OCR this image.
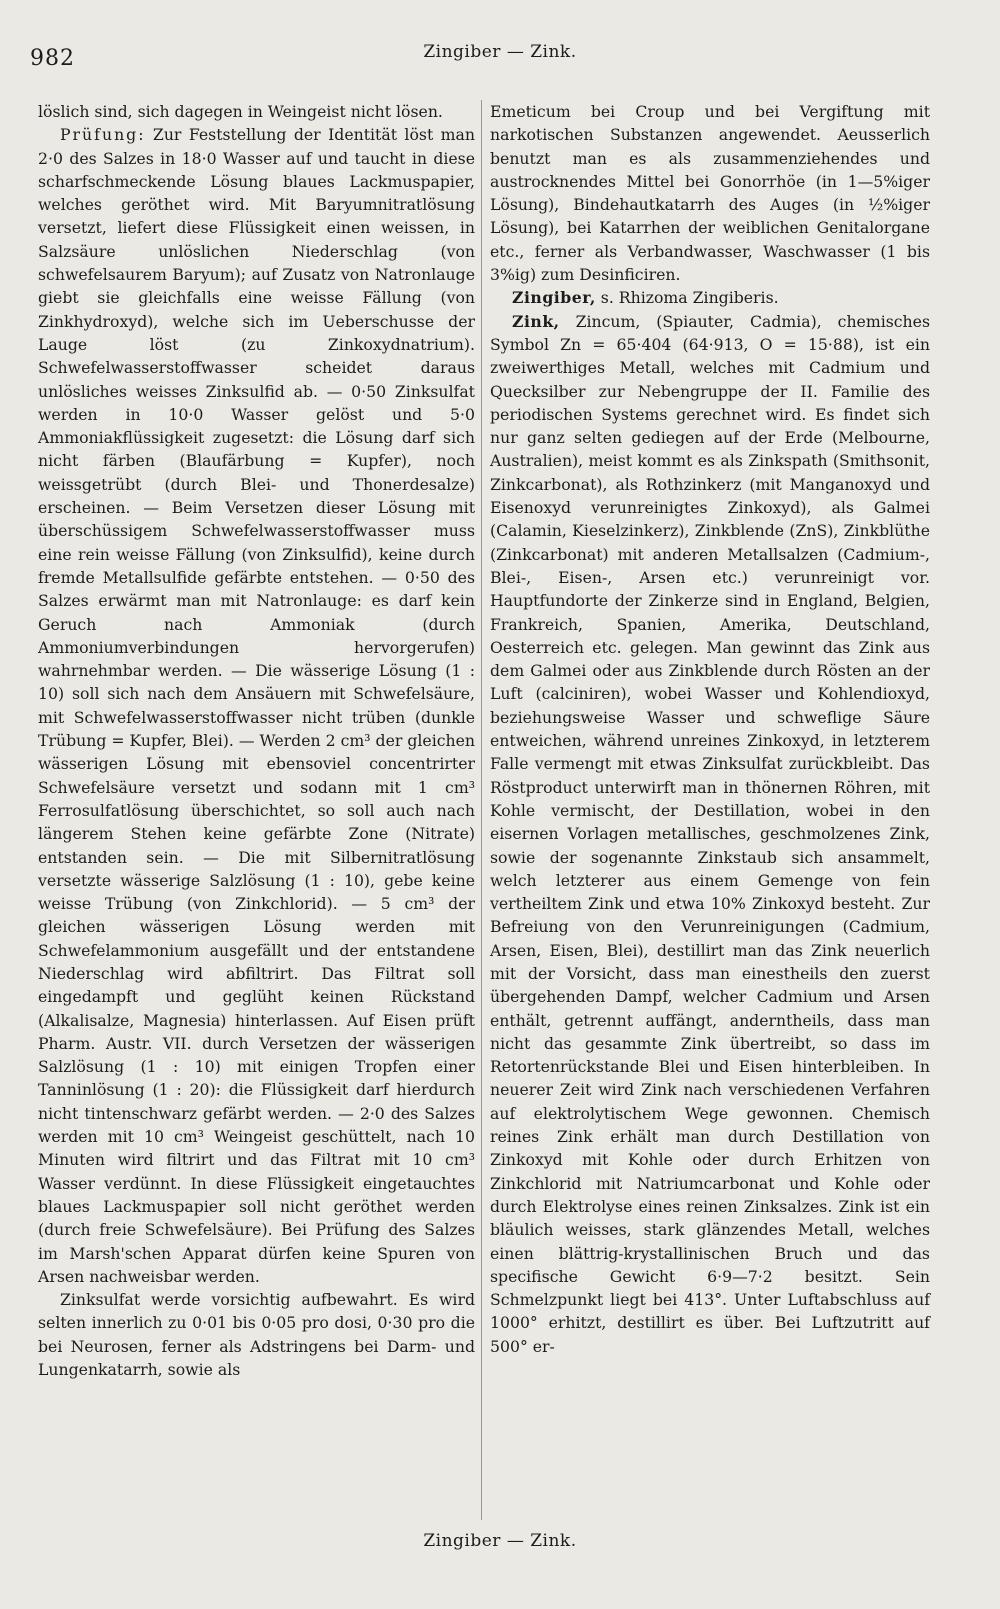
982	Zingiber — Zink.

löslich sind, sich dagegen in Weingeist nicht lösen.

Prüfung: Zur Feststellung der Identität löst man 2·0 des Salzes in 18·0 Wasser auf und taucht in diese scharfschmeckende Lösung blaues Lackmuspapier, welches geröthet wird. Mit Baryumnitratlösung versetzt, liefert diese Flüssigkeit einen weissen, in Salzsäure unlöslichen Niederschlag (von schwefelsaurem Baryum); auf Zusatz von Natronlauge giebt sie gleichfalls eine weisse Fällung (von Zinkhydroxyd), welche sich im Ueberschusse der Lauge löst (zu Zinkoxydnatrium). Schwefelwasserstoffwasser scheidet daraus unlösliches weisses Zinksulfid ab. — 0·50 Zinksulfat werden in 10·0 Wasser gelöst und 5·0 Ammoniakflüssigkeit zugesetzt: die Lösung darf sich nicht färben (Blaufärbung = Kupfer), noch weissgetrübt (durch Blei- und Thonerdesalze) erscheinen. — Beim Versetzen dieser Lösung mit überschüssigem Schwefelwasserstoffwasser muss eine rein weisse Fällung (von Zinksulfid), keine durch fremde Metallsulfide gefärbte entstehen. — 0·50 des Salzes erwärmt man mit Natronlauge: es darf kein Geruch nach Ammoniak (durch Ammoniumverbindungen hervorgerufen) wahrnehmbar werden. — Die wässerige Lösung (1 : 10) soll sich nach dem Ansäuern mit Schwefelsäure, mit Schwefelwasserstoffwasser nicht trüben (dunkle Trübung = Kupfer, Blei). — Werden 2 cm³ der gleichen wässerigen Lösung mit ebensoviel concentrirter Schwefelsäure versetzt und sodann mit 1 cm³ Ferrosulfatlösung überschichtet, so soll auch nach längerem Stehen keine gefärbte Zone (Nitrate) entstanden sein. — Die mit Silbernitratlösung versetzte wässerige Salzlösung (1 : 10), gebe keine weisse Trübung (von Zinkchlorid). — 5 cm³ der gleichen wässerigen Lösung werden mit Schwefelammonium ausgefällt und der entstandene Niederschlag wird abfiltrirt. Das Filtrat soll eingedampft und geglüht keinen Rückstand (Alkalisalze, Magnesia) hinterlassen. Auf Eisen prüft Pharm. Austr. VII. durch Versetzen der wässerigen Salzlösung (1 : 10) mit einigen Tropfen einer Tanninlösung (1 : 20): die Flüssigkeit darf hierdurch nicht tintenschwarz gefärbt werden. — 2·0 des Salzes werden mit 10 cm³ Weingeist geschüttelt, nach 10 Minuten wird filtrirt und das Filtrat mit 10 cm³ Wasser verdünnt. In diese Flüssigkeit eingetauchtes blaues Lackmuspapier soll nicht geröthet werden (durch freie Schwefelsäure). Bei Prüfung des Salzes im Marsh'schen Apparat dürfen keine Spuren von Arsen nachweisbar werden.

Zinksulfat werde vorsichtig aufbewahrt. Es wird selten innerlich zu 0·01 bis 0·05 pro dosi, 0·30 pro die bei Neurosen, ferner als Adstringens bei Darm- und Lungenkatarrh, sowie als

Emeticum bei Croup und bei Vergiftung mit narkotischen Substanzen angewendet. Aeusserlich benutzt man es als zusammenziehendes und austrocknendes Mittel bei Gonorrhöe (in 1—5%iger Lösung), Bindehautkatarrh des Auges (in ½%iger Lösung), bei Katarrhen der weiblichen Genitalorgane etc., ferner als Verbandwasser, Waschwasser (1 bis 3%ig) zum Desinficiren.

Zingiber, s. Rhizoma Zingiberis.

Zink, Zincum, (Spiauter, Cadmia), chemisches Symbol Zn = 65·404 (64·913, O = 15·88), ist ein zweiwerthiges Metall, welches mit Cadmium und Quecksilber zur Nebengruppe der II. Familie des periodischen Systems gerechnet wird. Es findet sich nur ganz selten gediegen auf der Erde (Melbourne, Australien), meist kommt es als Zinkspath (Smithsonit, Zinkcarbonat), als Rothzinkerz (mit Manganoxyd und Eisenoxyd verunreinigtes Zinkoxyd), als Galmei (Calamin, Kieselzinkerz), Zinkblende (ZnS), Zinkblüthe (Zinkcarbonat) mit anderen Metallsalzen (Cadmium-, Blei-, Eisen-, Arsen etc.) verunreinigt vor. Hauptfundorte der Zinkerze sind in England, Belgien, Frankreich, Spanien, Amerika, Deutschland, Oesterreich etc. gelegen. Man gewinnt das Zink aus dem Galmei oder aus Zinkblende durch Rösten an der Luft (calciniren), wobei Wasser und Kohlendioxyd, beziehungsweise Wasser und schweflige Säure entweichen, während unreines Zinkoxyd, in letzterem Falle vermengt mit etwas Zinksulfat zurückbleibt. Das Röstproduct unterwirft man in thönernen Röhren, mit Kohle vermischt, der Destillation, wobei in den eisernen Vorlagen metallisches, geschmolzenes Zink, sowie der sogenannte Zinkstaub sich ansammelt, welch letzterer aus einem Gemenge von fein vertheiltem Zink und etwa 10% Zinkoxyd besteht. Zur Befreiung von den Verunreinigungen (Cadmium, Arsen, Eisen, Blei), destillirt man das Zink neuerlich mit der Vorsicht, dass man einestheils den zuerst übergehenden Dampf, welcher Cadmium und Arsen enthält, getrennt auffängt, anderntheils, dass man nicht das gesammte Zink übertreibt, so dass im Retortenrückstande Blei und Eisen hinterbleiben. In neuerer Zeit wird Zink nach verschiedenen Verfahren auf elektrolytischem Wege gewonnen. Chemisch reines Zink erhält man durch Destillation von Zinkoxyd mit Kohle oder durch Erhitzen von Zinkchlorid mit Natriumcarbonat und Kohle oder durch Elektrolyse eines reinen Zinksalzes. Zink ist ein bläulich weisses, stark glänzendes Metall, welches einen blättrig-krystallinischen Bruch und das specifische Gewicht 6·9—7·2 besitzt. Sein Schmelzpunkt liegt bei 413°. Unter Luftabschluss auf 1000° erhitzt, destillirt es über. Bei Luftzutritt auf 500° er-

Zingiber — Zink.
